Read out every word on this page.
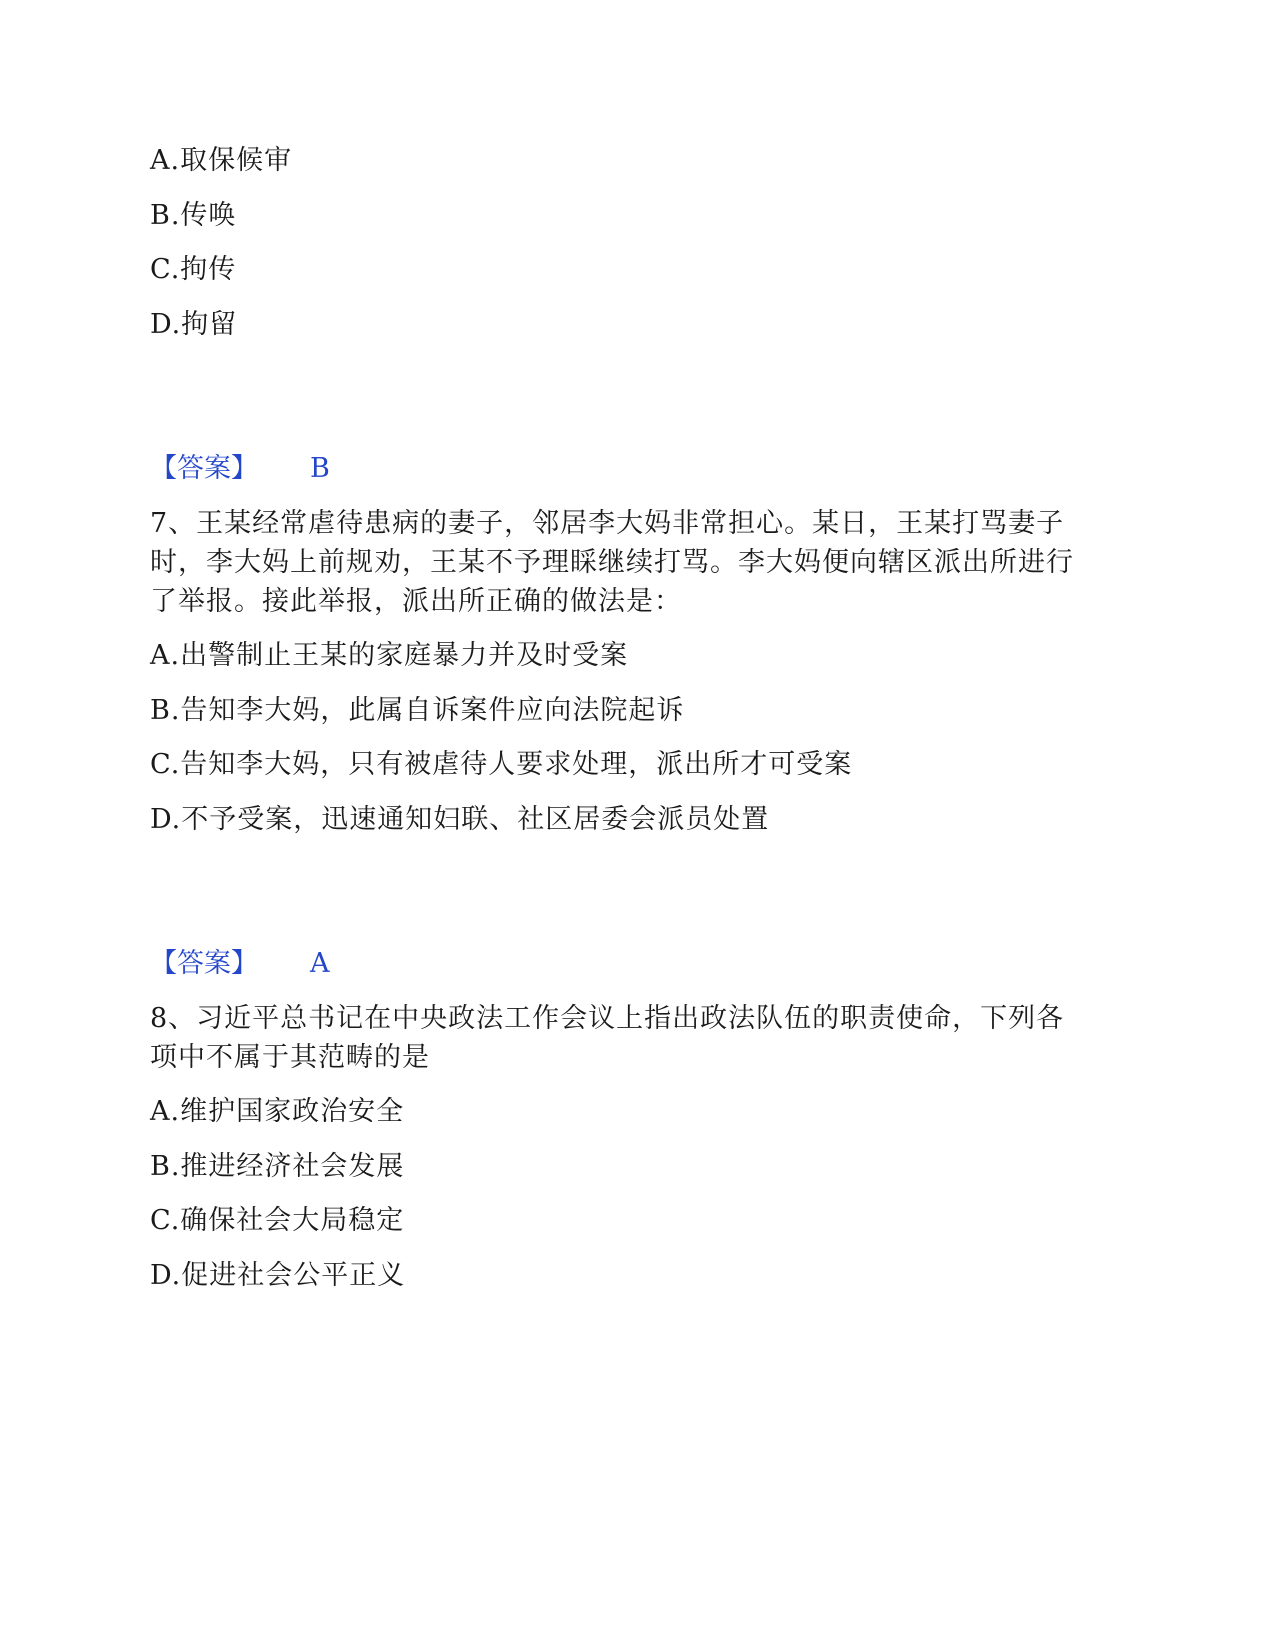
A.取保候审
B.传唤
C.拘传
D.拘留
【答案】 B
7、王某经常虐待患病的妻子，邻居李大妈非常担心。某日，王某打骂妻子
时，李大妈上前规劝，王某不予理睬继续打骂。李大妈便向辖区派出所进行
了举报。接此举报，派出所正确的做法是：
A.出警制止王某的家庭暴力并及时受案
B.告知李大妈，此属自诉案件应向法院起诉
C.告知李大妈，只有被虐待人要求处理，派出所才可受案
D.不予受案，迅速通知妇联、社区居委会派员处置
【答案】 A
8、习近平总书记在中央政法工作会议上指出政法队伍的职责使命，下列各
项中不属于其范畴的是
A.维护国家政治安全
B.推进经济社会发展
C.确保社会大局稳定
D.促进社会公平正义
